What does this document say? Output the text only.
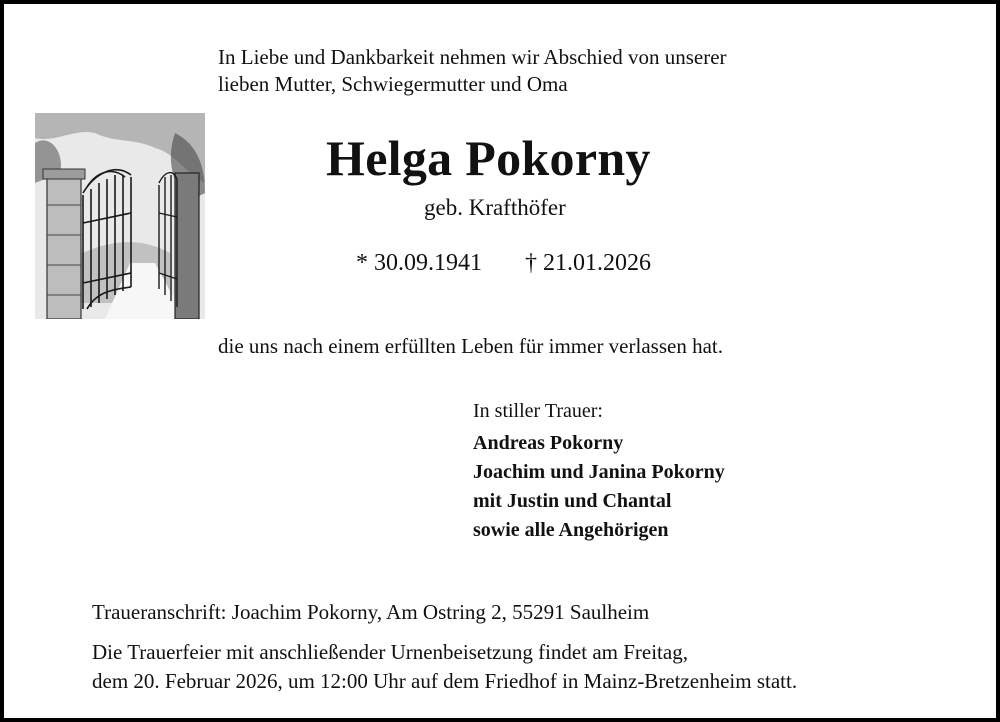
In Liebe und Dankbarkeit nehmen wir Abschied von unserer
lieben Mutter, Schwiegermutter und Oma
Helga Pokorny
geb. Krafthöfer
* 30.09.1941 † 21.01.2026
die uns nach einem erfüllten Leben für immer verlassen hat.
In stiller Trauer:
Andreas Pokorny
Joachim und Janina Pokorny
mit Justin und Chantal
sowie alle Angehörigen
Traueranschrift: Joachim Pokorny, Am Ostring 2, 55291 Saulheim
Die Trauerfeier mit anschließender Urnenbeisetzung findet am Freitag,
dem 20. Februar 2026, um 12:00 Uhr auf dem Friedhof in Mainz-Bretzenheim statt.
